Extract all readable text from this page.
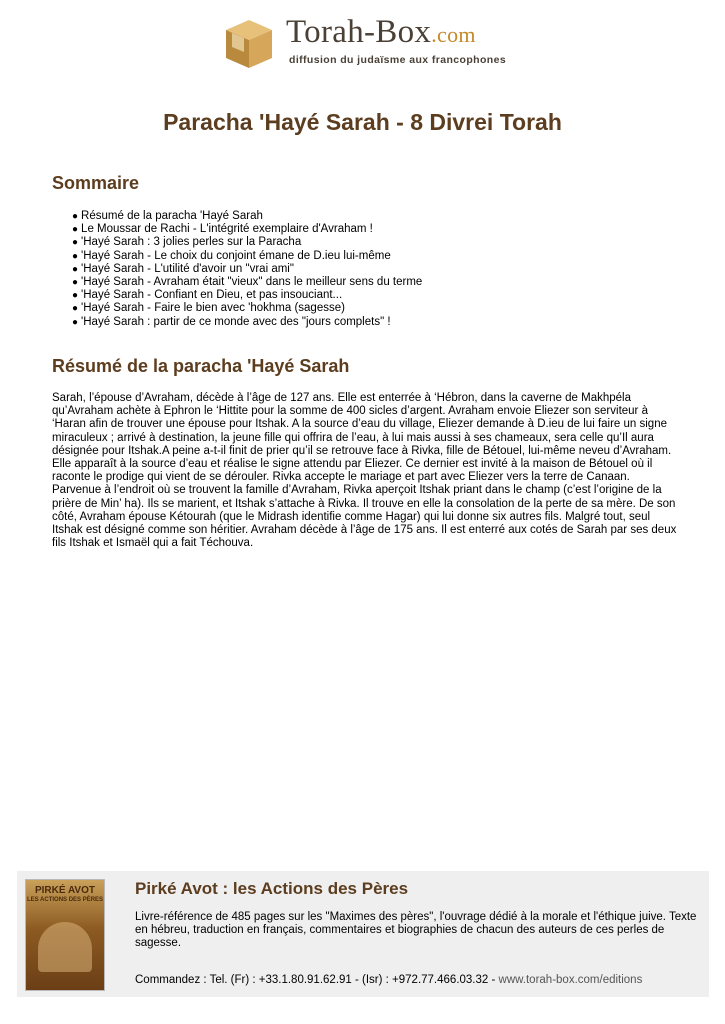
Torah-Box.com
diffusion du judaïsme aux francophones
Paracha 'Hayé Sarah - 8 Divrei Torah
Sommaire
● Résumé de la paracha 'Hayé Sarah
● Le Moussar de Rachi - L'intégrité exemplaire d'Avraham !
● 'Hayé Sarah : 3 jolies perles sur la Paracha
● 'Hayé Sarah - Le choix du conjoint émane de D.ieu lui-même
● 'Hayé Sarah - L'utilité d'avoir un "vrai ami"
● 'Hayé Sarah - Avraham était "vieux" dans le meilleur sens du terme
● 'Hayé Sarah - Confiant en Dieu, et pas insouciant...
● 'Hayé Sarah - Faire le bien avec 'hokhma (sagesse)
● 'Hayé Sarah : partir de ce monde avec des "jours complets" !
Résumé de la paracha 'Hayé Sarah

Sarah, l’épouse d’Avraham, décède à l’âge de 127 ans. Elle est enterrée à ‘Hébron, dans la caverne de Makhpéla qu’Avraham achète à Ephron le ‘Hittite pour la somme de 400 sicles d’argent. Avraham envoie Eliezer son serviteur à ‘Haran afin de trouver une épouse pour Itshak. A la source d’eau du village, Eliezer demande à D.ieu de lui faire un signe miraculeux ; arrivé à destination, la jeune fille qui offrira de l’eau, à lui mais aussi à ses chameaux, sera celle qu’Il aura désignée pour Itshak.A peine a-t-il finit de prier qu’il se retrouve face à Rivka, fille de Bétouel, lui-même neveu d’Avraham. Elle apparaît à la source d’eau et réalise le signe attendu par Eliezer. Ce dernier est invité à la maison de Bétouel où il raconte le prodige qui vient de se dérouler. Rivka accepte le mariage et part avec Eliezer vers la terre de Canaan. Parvenue à l’endroit où se trouvent la famille d’Avraham, Rivka aperçoit Itshak priant dans le champ (c’est l’origine de la prière de Min’ ha). Ils se marient, et Itshak s’attache à Rivka. Il trouve en elle la consolation de la perte de sa mère. De son côté, Avraham épouse Kétourah (que le Midrash identifie comme Hagar) qui lui donne six autres fils. Malgré tout, seul Itshak est désigné comme son héritier. Avraham décède à l’âge de 175 ans. Il est enterré aux cotés de Sarah par ses deux fils Itshak et Ismaël qui a fait Téchouva.

PIRKÉ AVOT
LES ACTIONS DES PÈRES
Pirké Avot : les Actions des Pères

Livre-référence de 485 pages sur les "Maximes des pères", l'ouvrage dédié à la morale et l'éthique juive. Texte en hébreu, traduction en français, commentaires et biographies de chacun des auteurs de ces perles de sagesse.

Commandez : Tel. (Fr) : +33.1.80.91.62.91 - (Isr) : +972.77.466.03.32 - www.torah-box.com/editions
